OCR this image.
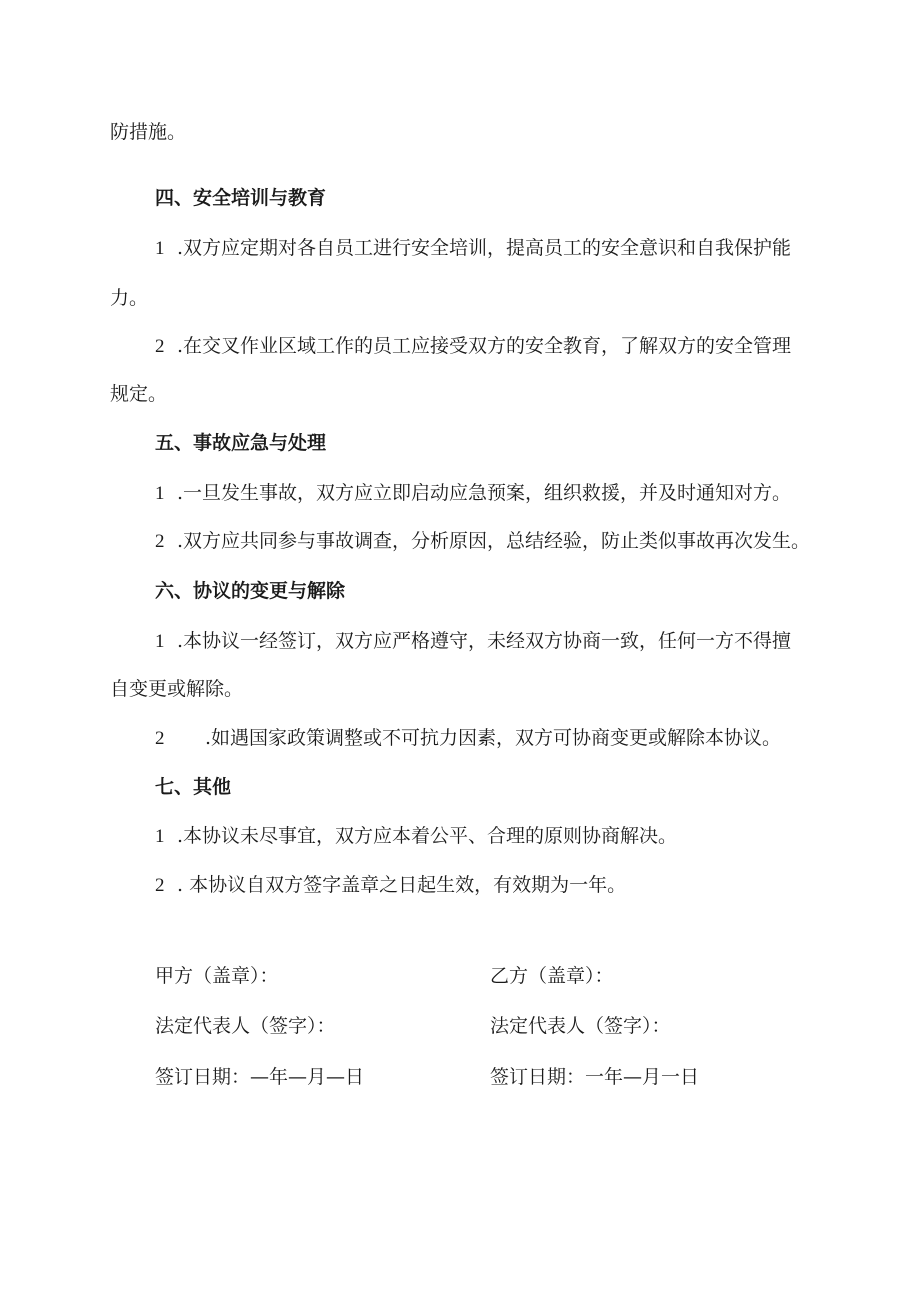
防措施。
四、安全培训与教育
1 .双方应定期对各自员工进行安全培训，提高员工的安全意识和自我保护能
力。
2 .在交叉作业区域工作的员工应接受双方的安全教育，了解双方的安全管理
规定。
五、事故应急与处理
1 .一旦发生事故，双方应立即启动应急预案，组织救援，并及时通知对方。
2 .双方应共同参与事故调查，分析原因，总结经验，防止类似事故再次发生。
六、协议的变更与解除
1 .本协议一经签订，双方应严格遵守，未经双方协商一致，任何一方不得擅
自变更或解除。
2 .如遇国家政策调整或不可抗力因素，双方可协商变更或解除本协议。
七、其他
1 .本协议未尽事宜，双方应本着公平、合理的原则协商解决。
2 . 本协议自双方签字盖章之日起生效，有效期为一年。
甲方（盖章）：	乙方（盖章）：
法定代表人（签字）：	法定代表人（签字）：
签订日期：—年—月—日	签订日期：一年—月一日
